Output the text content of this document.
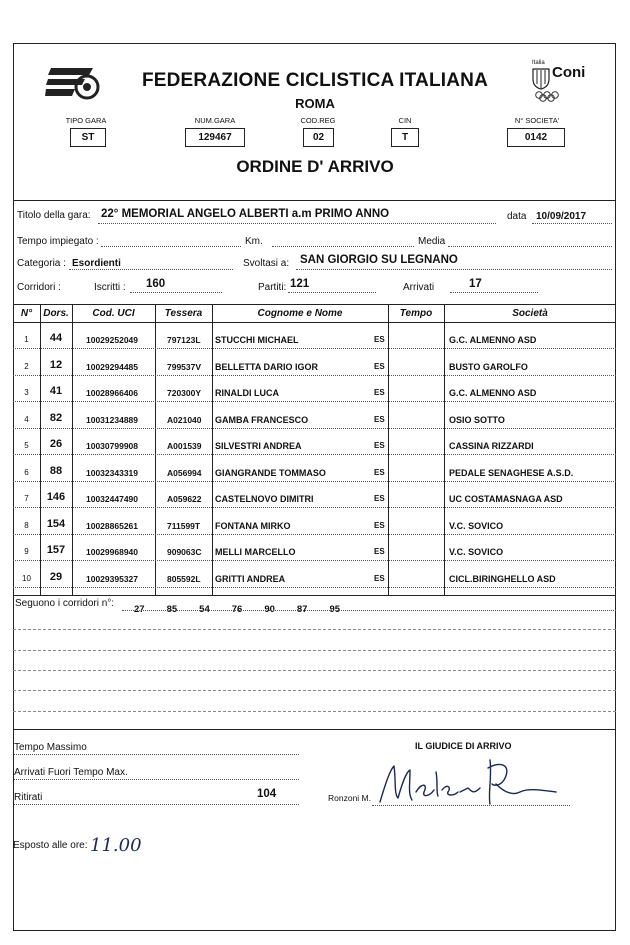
Italia
Coni
FEDERAZIONE CICLISTICA ITALIANA
ROMA
TIPO GARA
ST
NUM.GARA
129467
COD.REG
02
CIN
T
N° SOCIETA'
0142
ORDINE D' ARRIVO
Titolo della gara: 22° MEMORIAL ANGELO ALBERTI a.m PRIMO ANNO	data 10/09/2017
Tempo impiegato :	Km.	Media
Categoria : Esordienti	Svoltasi a: SAN GIORGIO SU LEGNANO
Corridori :	Iscritti : 160	Partiti: 121	Arrivati	17
N°	Dors.	Cod. UCI	Tessera	Cognome e Nome	Tempo	Società
1	44	10029252049	797123L	STUCCHI MICHAEL	ES	G.C. ALMENNO ASD
2	12	10029294485	799537V	BELLETTA DARIO IGOR	ES	BUSTO GAROLFO
3	41	10028966406	720300Y	RINALDI LUCA	ES	G.C. ALMENNO ASD
4	82	10031234889	A021040	GAMBA FRANCESCO	ES	OSIO SOTTO
5	26	10030799908	A001539	SILVESTRI ANDREA	ES	CASSINA RIZZARDI
6	88	10032343319	A056994	GIANGRANDE TOMMASO	ES	PEDALE SENAGHESE A.S.D.
7	146	10032447490	A059622	CASTELNOVO DIMITRI	ES	UC COSTAMASNAGA ASD
8	154	10028865261	711599T	FONTANA MIRKO	ES	V.C. SOVICO
9	157	10029968940	909063C	MELLI MARCELLO	ES	V.C. SOVICO
10	29	10029395327	805592L	GRITTI ANDREA	ES	CICL.BIRINGHELLO ASD
Seguono i corridori n°:
27 85 54 76 90 87 95
Tempo Massimo
Arrivati Fuori Tempo Max.
Ritirati	104
IL GIUDICE DI ARRIVO
Ronzoni M.
Esposto alle ore: 11.00
